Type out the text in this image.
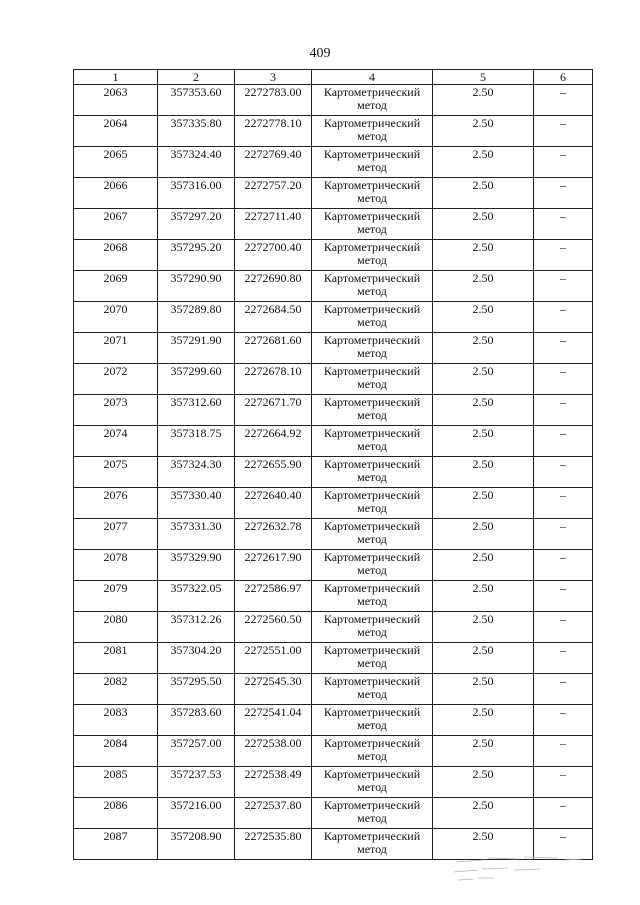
409
1	2	3	4	5	6
2063	357353.60	2272783.00	Картометрический метод	2.50	–
2064	357335.80	2272778.10	Картометрический метод	2.50	–
2065	357324.40	2272769.40	Картометрический метод	2.50	–
2066	357316.00	2272757.20	Картометрический метод	2.50	–
2067	357297.20	2272711.40	Картометрический метод	2.50	–
2068	357295.20	2272700.40	Картометрический метод	2.50	–
2069	357290.90	2272690.80	Картометрический метод	2.50	–
2070	357289.80	2272684.50	Картометрический метод	2.50	–
2071	357291.90	2272681.60	Картометрический метод	2.50	–
2072	357299.60	2272678.10	Картометрический метод	2.50	–
2073	357312.60	2272671.70	Картометрический метод	2.50	–
2074	357318.75	2272664.92	Картометрический метод	2.50	–
2075	357324.30	2272655.90	Картометрический метод	2.50	–
2076	357330.40	2272640.40	Картометрический метод	2.50	–
2077	357331.30	2272632.78	Картометрический метод	2.50	–
2078	357329.90	2272617.90	Картометрический метод	2.50	–
2079	357322.05	2272586.97	Картометрический метод	2.50	–
2080	357312.26	2272560.50	Картометрический метод	2.50	–
2081	357304.20	2272551.00	Картометрический метод	2.50	–
2082	357295.50	2272545.30	Картометрический метод	2.50	–
2083	357283.60	2272541.04	Картометрический метод	2.50	–
2084	357257.00	2272538.00	Картометрический метод	2.50	–
2085	357237.53	2272538.49	Картометрический метод	2.50	–
2086	357216.00	2272537.80	Картометрический метод	2.50	–
2087	357208.90	2272535.80	Картометрический метод	2.50	–
